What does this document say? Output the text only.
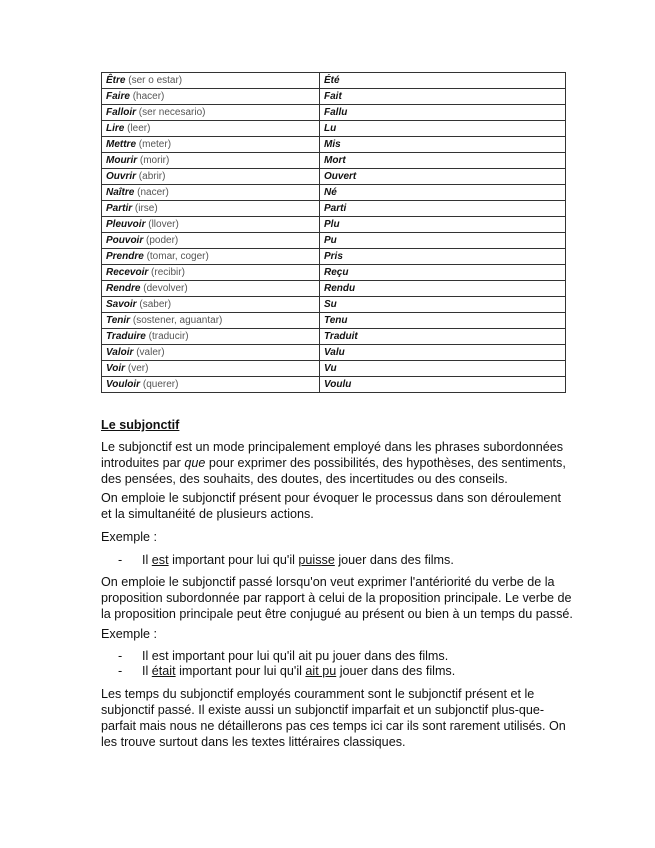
Être (ser o estar)	Été
Faire (hacer)	Fait
Falloir (ser necesario)	Fallu
Lire (leer)	Lu
Mettre (meter)	Mis
Mourir (morir)	Mort
Ouvrir (abrir)	Ouvert
Naître (nacer)	Né
Partir (irse)	Parti
Pleuvoir (llover)	Plu
Pouvoir (poder)	Pu
Prendre (tomar, coger)	Pris
Recevoir (recibir)	Reçu
Rendre (devolver)	Rendu
Savoir (saber)	Su
Tenir (sostener, aguantar)	Tenu
Traduire (traducir)	Traduit
Valoir (valer)	Valu
Voir (ver)	Vu
Vouloir (querer)	Voulu
Le subjonctif
Le subjonctif est un mode principalement employé dans les phrases subordonnées
introduites par que pour exprimer des possibilités, des hypothèses, des sentiments,
des pensées, des souhaits, des doutes, des incertitudes ou des conseils.
On emploie le subjonctif présent pour évoquer le processus dans son déroulement
et la simultanéité de plusieurs actions.
Exemple :
- Il est important pour lui qu'il puisse jouer dans des films.
On emploie le subjonctif passé lorsqu'on veut exprimer l'antériorité du verbe de la
proposition subordonnée par rapport à celui de la proposition principale. Le verbe de
la proposition principale peut être conjugué au présent ou bien à un temps du passé.
Exemple :
- Il est important pour lui qu'il ait pu jouer dans des films.
- Il était important pour lui qu'il ait pu jouer dans des films.
Les temps du subjonctif employés couramment sont le subjonctif présent et le
subjonctif passé. Il existe aussi un subjonctif imparfait et un subjonctif plus-que-
parfait mais nous ne détaillerons pas ces temps ici car ils sont rarement utilisés. On
les trouve surtout dans les textes littéraires classiques.
